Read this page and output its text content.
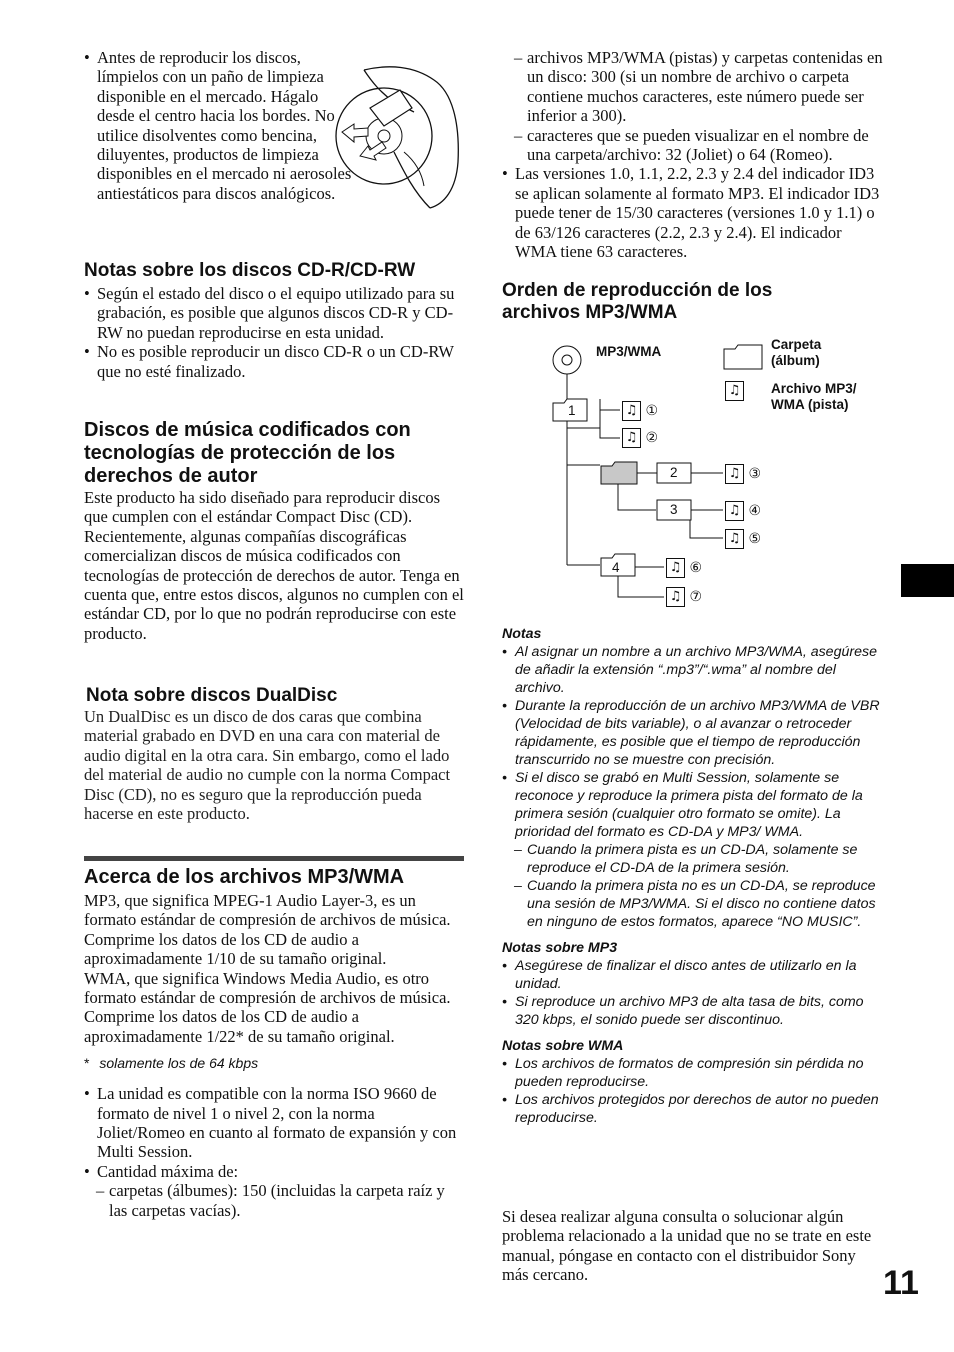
• Antes de reproducir los discos, límpielos con un paño de limpieza disponible en el mercado. Hágalo desde el centro hacia los bordes. No utilice disolventes como bencina, diluyentes, productos de limpieza disponibles en el mercado ni aerosoles antiestáticos para discos analógicos.
Notas sobre los discos CD-R/CD-RW
• Según el estado del disco o el equipo utilizado para su grabación, es posible que algunos discos CD-R y CD-RW no puedan reproducirse en esta unidad.
• No es posible reproducir un disco CD-R o un CD-RW que no esté finalizado.
Discos de música codificados con tecnologías de protección de los derechos de autor

Este producto ha sido diseñado para reproducir discos que cumplen con el estándar Compact Disc (CD).

Recientemente, algunas compañías discográficas comercializan discos de música codificados con tecnologías de protección de derechos de autor. Tenga en cuenta que, entre estos discos, algunos no cumplen con el estándar CD, por lo que no podrán reproducirse con este producto.

Nota sobre discos DualDisc

Un DualDisc es un disco de dos caras que combina material grabado en DVD en una cara con material de audio digital en la otra cara. Sin embargo, como el lado del material de audio no cumple con la norma Compact Disc (CD), no es seguro que la reproducción pueda hacerse en este producto.

Acerca de los archivos MP3/WMA

MP3, que significa MPEG-1 Audio Layer-3, es un formato estándar de compresión de archivos de música. Comprime los datos de los CD de audio a aproximadamente 1/10 de su tamaño original.

WMA, que significa Windows Media Audio, es otro formato estándar de compresión de archivos de música. Comprime los datos de los CD de audio a aproximadamente 1/22* de su tamaño original.

* solamente los de 64 kbps

• La unidad es compatible con la norma ISO 9660 de formato de nivel 1 o nivel 2, con la norma Joliet/Romeo en cuanto al formato de expansión y con Multi Session.
• Cantidad máxima de:
– carpetas (álbumes): 150 (incluidas la carpeta raíz y las carpetas vacías).
– archivos MP3/WMA (pistas) y carpetas contenidas en un disco: 300 (si un nombre de archivo o carpeta contiene muchos caracteres, este número puede ser inferior a 300).
– caracteres que se pueden visualizar en el nombre de una carpeta/archivo: 32 (Joliet) o 64 (Romeo).
• Las versiones 1.0, 1.1, 2.2, 2.3 y 2.4 del indicador ID3 se aplican solamente al formato MP3. El indicador ID3 puede tener de 15/30 caracteres (versiones 1.0 y 1.1) o de 63/126 caracteres (2.2, 2.3 y 2.4). El indicador WMA tiene 63 caracteres.
Orden de reproducción de los archivos MP3/WMA
1
2
3
4
♫ ①
♫ ②
♫ ③
♫ ④
♫ ⑤
♫ ⑥
♫ ⑦
MP3/WMA	Carpeta (álbum)
♫ Archivo MP3/ WMA (pista)
Notas
• Al asignar un nombre a un archivo MP3/WMA, asegúrese de añadir la extensión “.mp3”/“.wma” al nombre del archivo.
• Durante la reproducción de un archivo MP3/WMA de VBR (Velocidad de bits variable), o al avanzar o retroceder rápidamente, es posible que el tiempo de reproducción transcurrido no se muestre con precisión.
• Si el disco se grabó en Multi Session, solamente se reconoce y reproduce la primera pista del formato de la primera sesión (cualquier otro formato se omite). La prioridad del formato es CD-DA y MP3/ WMA.
– Cuando la primera pista es un CD-DA, solamente se reproduce el CD-DA de la primera sesión.
– Cuando la primera pista no es un CD-DA, se reproduce una sesión de MP3/WMA. Si el disco no contiene datos en ninguno de estos formatos, aparece “NO MUSIC”.
Notas sobre MP3
• Asegúrese de finalizar el disco antes de utilizarlo en la unidad.
• Si reproduce un archivo MP3 de alta tasa de bits, como 320 kbps, el sonido puede ser discontinuo.
Notas sobre WMA
• Los archivos de formatos de compresión sin pérdida no pueden reproducirse.
• Los archivos protegidos por derechos de autor no pueden reproducirse.

Si desea realizar alguna consulta o solucionar algún problema relacionado a la unidad que no se trate en este manual, póngase en contacto con el distribuidor Sony más cercano.	11
